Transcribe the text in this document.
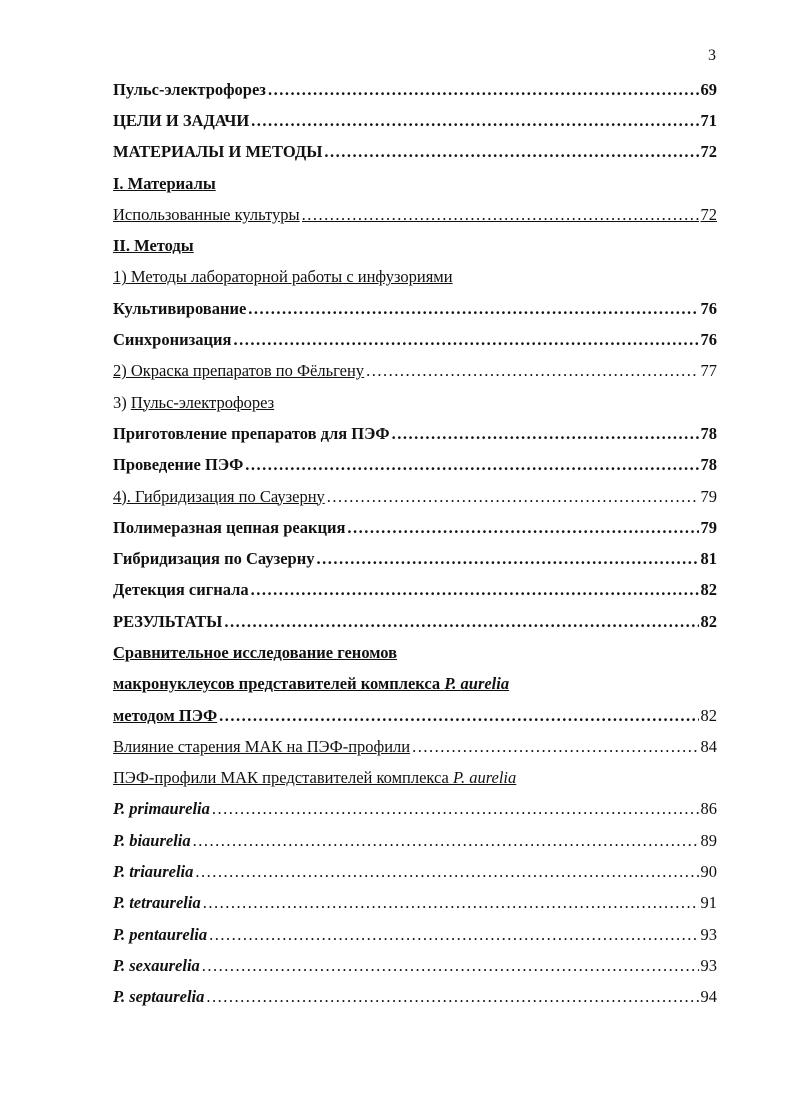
3
Пульс-электрофорез .....	69
ЦЕЛИ И ЗАДАЧИ .....	71
МАТЕРИАЛЫ И МЕТОДЫ .....	72
I. Материалы
Использованные культуры .....	72
II. Методы
1) Методы лабораторной работы с инфузориями
Культивирование .....	76
Синхронизация .....	76
2) Окраска препаратов по Фёльгену .....	77
3) Пульс-электрофорез
Приготовление препаратов для ПЭФ .....	78
Проведение ПЭФ .....	78
4). Гибридизация по Саузерну .....	79
Полимеразная цепная реакция .....	79
Гибридизация по Саузерну .....	81
Детекция сигнала .....	82
РЕЗУЛЬТАТЫ .....	82
Сравнительное исследование геномов
макронуклеусов представителей комплекса P. aurelia
методом ПЭФ .....	82
Влияние старения МАК на ПЭФ-профили .....	84
ПЭФ-профили МАК представителей комплекса P. aurelia
P. primaurelia .....	86
P. biaurelia .....	89
P. triaurelia .....	90
P. tetraurelia .....	91
P. pentaurelia .....	93
P. sexaurelia .....	93
P. septaurelia .....	94
